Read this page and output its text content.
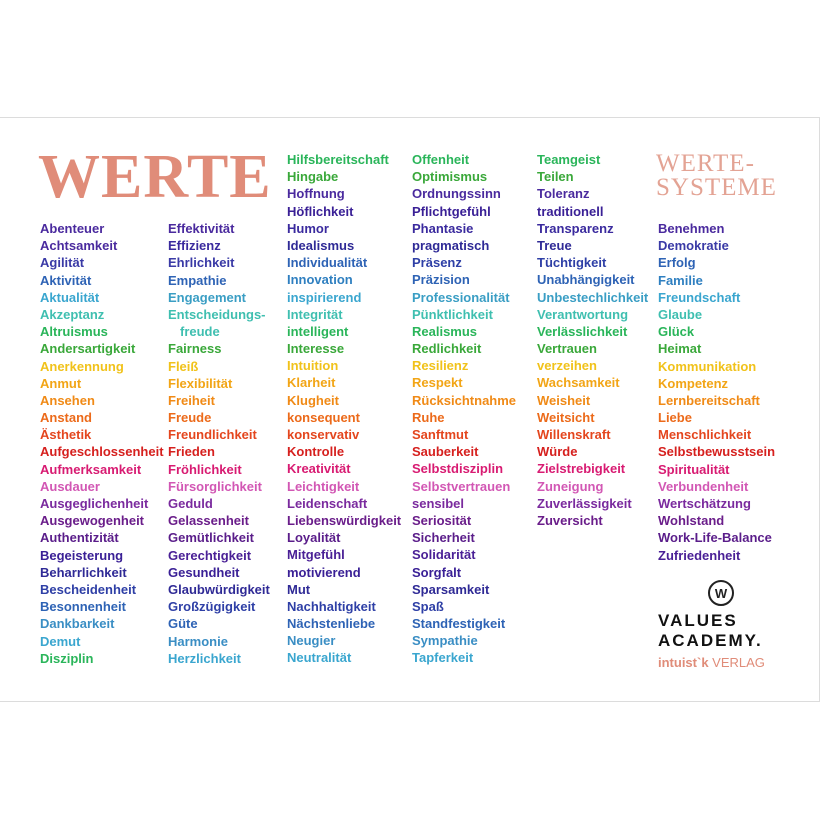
WERTE	WERTE-
SYSTEME
Abenteuer
Achtsamkeit
Agilität
Aktivität
Aktualität
Akzeptanz
Altruismus
Andersartigkeit
Anerkennung
Anmut
Ansehen
Anstand
Ästhetik
Aufgeschlossenheit
Aufmerksamkeit
Ausdauer
Ausgeglichenheit
Ausgewogenheit
Authentizität
Begeisterung
Beharrlichkeit
Bescheidenheit
Besonnenheit
Dankbarkeit
Demut
Disziplin
Effektivität
Effizienz
Ehrlichkeit
Empathie
Engagement
Entscheidungs-
freude
Fairness
Fleiß
Flexibilität
Freiheit
Freude
Freundlichkeit
Frieden
Fröhlichkeit
Fürsorglichkeit
Geduld
Gelassenheit
Gemütlichkeit
Gerechtigkeit
Gesundheit
Glaubwürdigkeit
Großzügigkeit
Güte
Harmonie
Herzlichkeit
Hilfsbereitschaft
Hingabe
Hoffnung
Höflichkeit
Humor
Idealismus
Individualität
Innovation
inspirierend
Integrität
intelligent
Interesse
Intuition
Klarheit
Klugheit
konsequent
konservativ
Kontrolle
Kreativität
Leichtigkeit
Leidenschaft
Liebenswürdigkeit
Loyalität
Mitgefühl
motivierend
Mut
Nachhaltigkeit
Nächstenliebe
Neugier
Neutralität
Offenheit
Optimismus
Ordnungssinn
Pflichtgefühl
Phantasie
pragmatisch
Präsenz
Präzision
Professionalität
Pünktlichkeit
Realismus
Redlichkeit
Resilienz
Respekt
Rücksichtnahme
Ruhe
Sanftmut
Sauberkeit
Selbstdisziplin
Selbstvertrauen
sensibel
Seriosität
Sicherheit
Solidarität
Sorgfalt
Sparsamkeit
Spaß
Standfestigkeit
Sympathie
Tapferkeit
Teamgeist
Teilen
Toleranz
traditionell
Transparenz
Treue
Tüchtigkeit
Unabhängigkeit
Unbestechlichkeit
Verantwortung
Verlässlichkeit
Vertrauen
verzeihen
Wachsamkeit
Weisheit
Weitsicht
Willenskraft
Würde
Zielstrebigkeit
Zuneigung
Zuverlässigkeit
Zuversicht
Benehmen
Demokratie
Erfolg
Familie
Freundschaft
Glaube
Glück
Heimat
Kommunikation
Kompetenz
Lernbereitschaft
Liebe
Menschlichkeit
Selbstbewusstsein
Spiritualität
Verbundenheit
Wertschätzung
Wohlstand
Work-Life-Balance
Zufriedenheit
W
VALUES
ACADEMY.
intuist`k VERLAG
